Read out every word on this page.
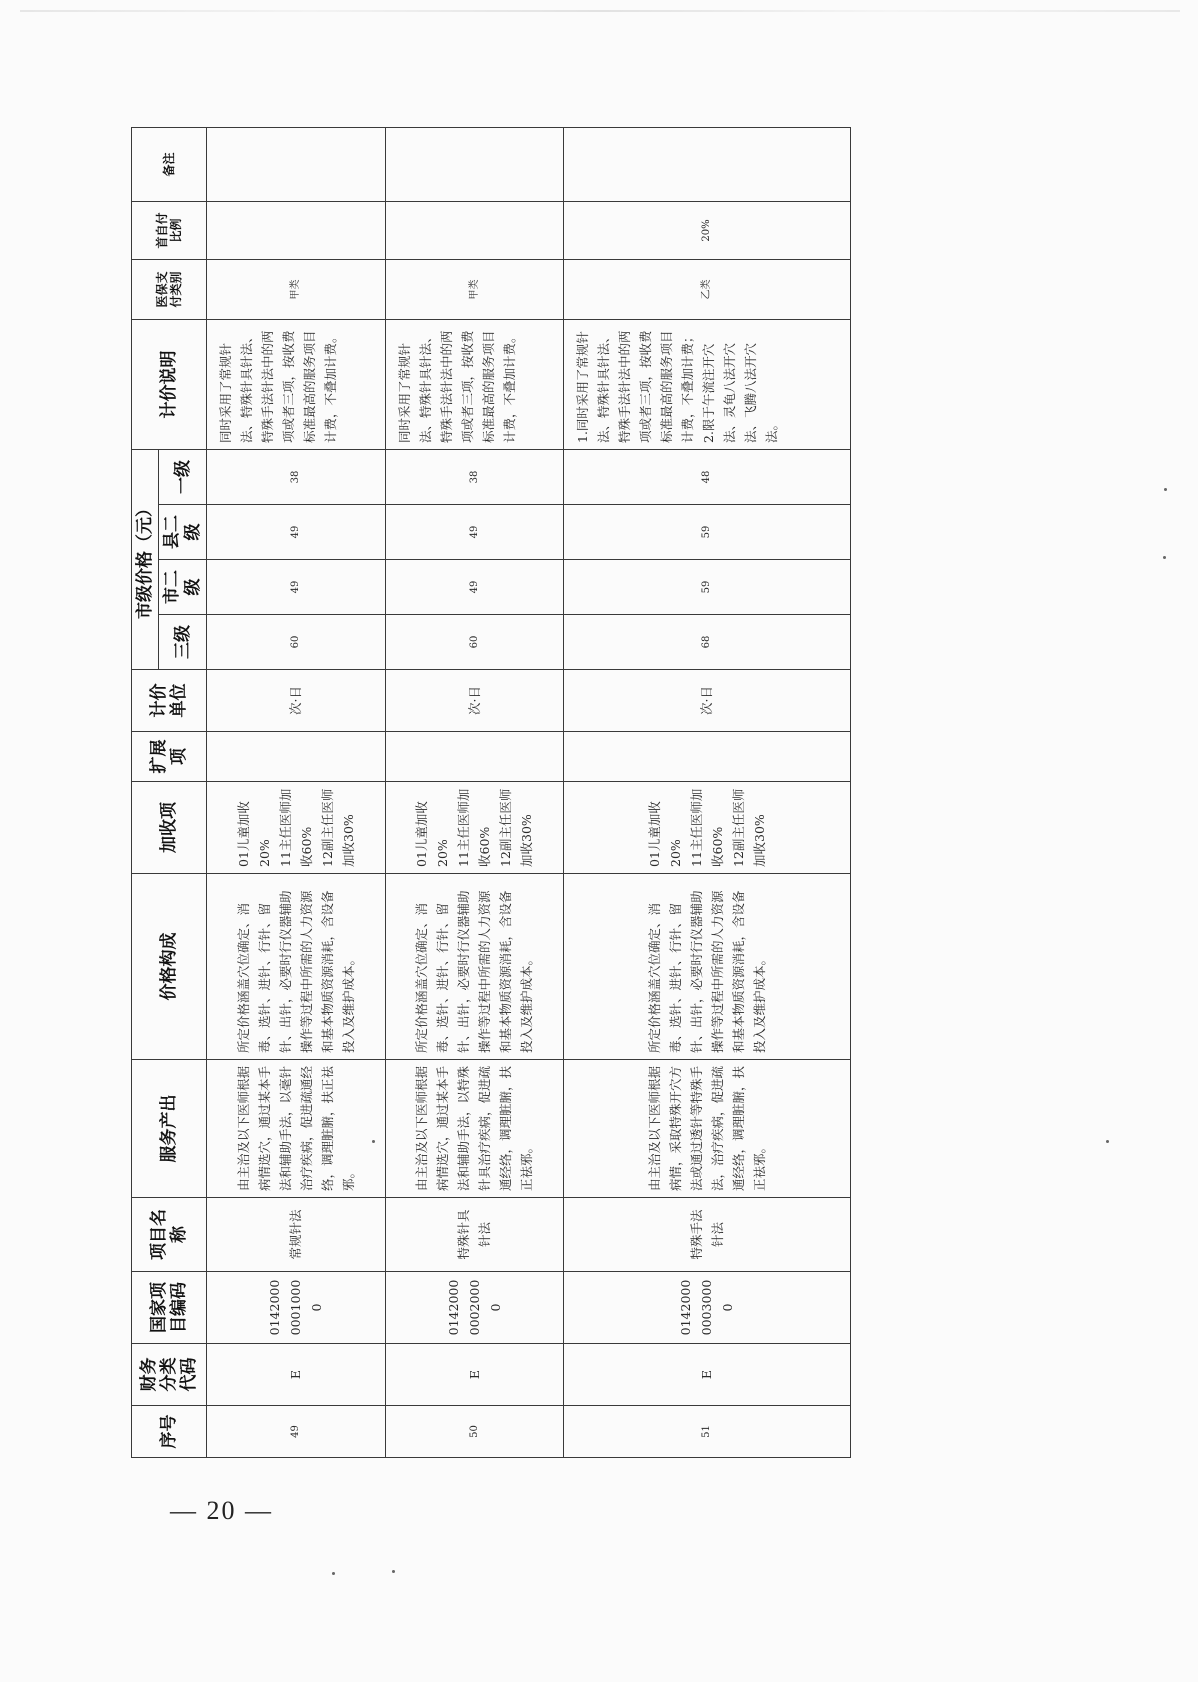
序号	财务分类代码	国家项目编码	项目名称	服务产出	价格构成	加收项	扩展项	计价单位	市级价格（元）				计价说明	医保支付类别	首自付比例	备注
									三级	市二级	县二级	一级				
49	E	014200000010000	常规针法	由主治及以下医师根据病情选穴，通过某本手法和辅助手法，以毫针治疗疾病，促进疏通经络，调理脏腑，扶正祛邪。	所定价格涵盖穴位确定、消毒、选针、进针、行针、留针、出针，必要时行仪器辅助操作等过程中所需的人力资源和基本物质资源消耗，含设备投入及维护成本。	01儿童加收20%
11主任医师加收60%
12副主任医师加收30%		次·日	60	49	49	38	同时采用了常规针法、特殊针具针法、特殊手法针法中的两项或者三项，按收费标准最高的服务项目计费，不叠加计费。	甲类		
50	E	014200000020000	特殊针具针法	由主治及以下医师根据病情选穴，通过某本手法和辅助手法，以特殊针具治疗疾病，促进疏通经络，调理脏腑，扶正祛邪。	所定价格涵盖穴位确定、消毒、选针、进针、行针、留针、出针，必要时行仪器辅助操作等过程中所需的人力资源和基本物质资源消耗，含设备投入及维护成本。	01儿童加收20%
11主任医师加收60%
12副主任医师加收30%		次·日	60	49	49	38	同时采用了常规针法、特殊针具针法、特殊手法针法中的两项或者三项，按收费标准最高的服务项目计费，不叠加计费。	甲类		
51	E	014200000030000	特殊手法针法	由主治及以下医师根据病情，采取特殊开穴方法或通过透针等特殊手法，治疗疾病，促进疏通经络，调理脏腑，扶正祛邪。	所定价格涵盖穴位确定、消毒、选针、进针、行针、留针、出针，必要时行仪器辅助操作等过程中所需的人力资源和基本物质资源消耗，含设备投入及维护成本。	01儿童加收20%
11主任医师加收60%
12副主任医师加收30%		次·日	68	59	59	48	1.同时采用了常规针法、特殊针具针法、特殊手法针法中的两项或者三项，按收费标准最高的服务项目计费，不叠加计费；2.限于午流注开穴法、灵龟八法开穴法、飞腾八法开穴法。	乙类	20%	
— 20 —
